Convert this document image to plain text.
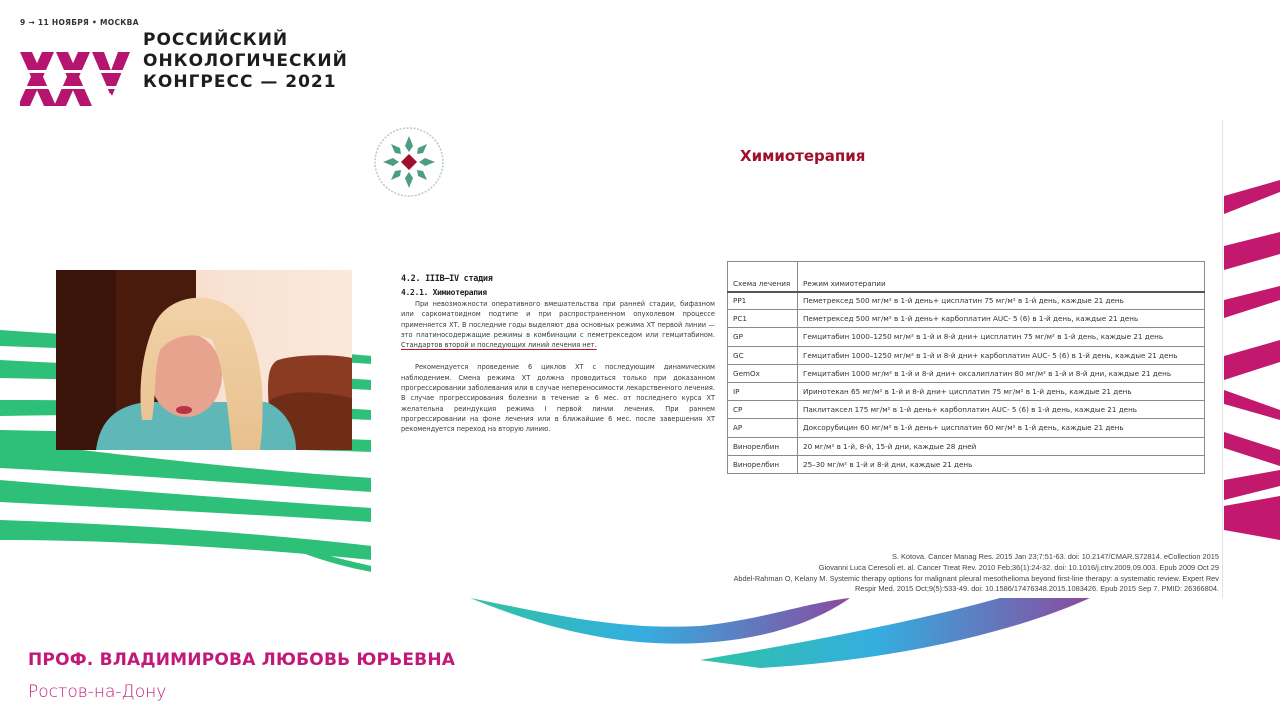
9 → 11 НОЯБРЯ • МОСКВА
РОССИЙСКИЙ
ОНКОЛОГИЧЕСКИЙ
КОНГРЕСС — 2021
Химиотерапия
4.2. IIIB–IV стадия
4.2.1. Химиотерапия

При невозможности оперативного вмешательства при ранней стадии, бифазном или саркоматоидном подтипе и при распространенном опухолевом процессе применяется ХТ. В последние годы выделяют два основных режима ХТ первой линии — это платиносодержащие режимы в комбинации с пеметрекседом или гемцитабином. Стандартов второй и последующих линий лечения нет.

Рекомендуется проведение 6 циклов ХТ с последующим динамическим наблюдением. Смена режима ХТ должна проводиться только при доказанном прогрессировании заболевания или в случае непереносимости лекарственного лечения. В случае прогрессирования болезни в течение ≥ 6 мес. от последнего курса ХТ желательна реиндукция режима I первой линии лечения. При раннем прогрессировании на фоне лечения или в ближайшие 6 мес. после завершения ХТ рекомендуется переход на вторую линию.

Схема лечения	Режим химиотерапии
PP1	Пеметрексед 500 мг/м² в 1-й день+ цисплатин 75 мг/м² в 1-й день, каждые 21 день
PC1	Пеметрексед 500 мг/м² в 1-й день+ карбоплатин AUC- 5 (6) в 1-й день, каждые 21 день
GP	Гемцитабин 1000–1250 мг/м² в 1-й и 8-й дни+ цисплатин 75 мг/м² в 1-й день, каждые 21 день
GC	Гемцитабин 1000–1250 мг/м² в 1-й и 8-й дни+ карбоплатин AUC- 5 (6) в 1-й день, каждые 21 день
GemOx	Гемцитабин 1000 мг/м² в 1-й и 8-й дни+ оксалиплатин 80 мг/м² в 1-й и 8-й дни, каждые 21 день
IP	Иринотекан 65 мг/м² в 1-й и 8-й дни+ цисплатин 75 мг/м² в 1-й день, каждые 21 день
CP	Паклитаксел 175 мг/м² в 1-й день+ карбоплатин AUC- 5 (6) в 1-й день, каждые 21 день
AP	Доксорубицин 60 мг/м² в 1-й день+ цисплатин 60 мг/м² в 1-й день, каждые 21 день
Винорелбин	20 мг/м² в 1-й, 8-й, 15-й дни, каждые 28 дней
Винорелбин	25–30 мг/м² в 1-й и 8-й дни, каждые 21 день
S. Kotova. Cancer Manag Res. 2015 Jan 23;7:51-63. doi: 10.2147/CMAR.S72814. eCollection 2015
Giovanni Luca Ceresoli et. al. Cancer Treat Rev. 2010 Feb;36(1):24-32. doi: 10.1016/j.ctrv.2009.09.003. Epub 2009 Oct 29
Abdel-Rahman O, Kelany M. Systemic therapy options for malignant pleural mesothelioma beyond first-line therapy: a systematic review. Expert Rev
Respir Med. 2015 Oct;9(5):533-49. doi: 10.1586/17476348.2015.1083426. Epub 2015 Sep 7. PMID: 26366804.
ПРОФ. ВЛАДИМИРОВА ЛЮБОВЬ ЮРЬЕВНА
Ростов-на-Дону
